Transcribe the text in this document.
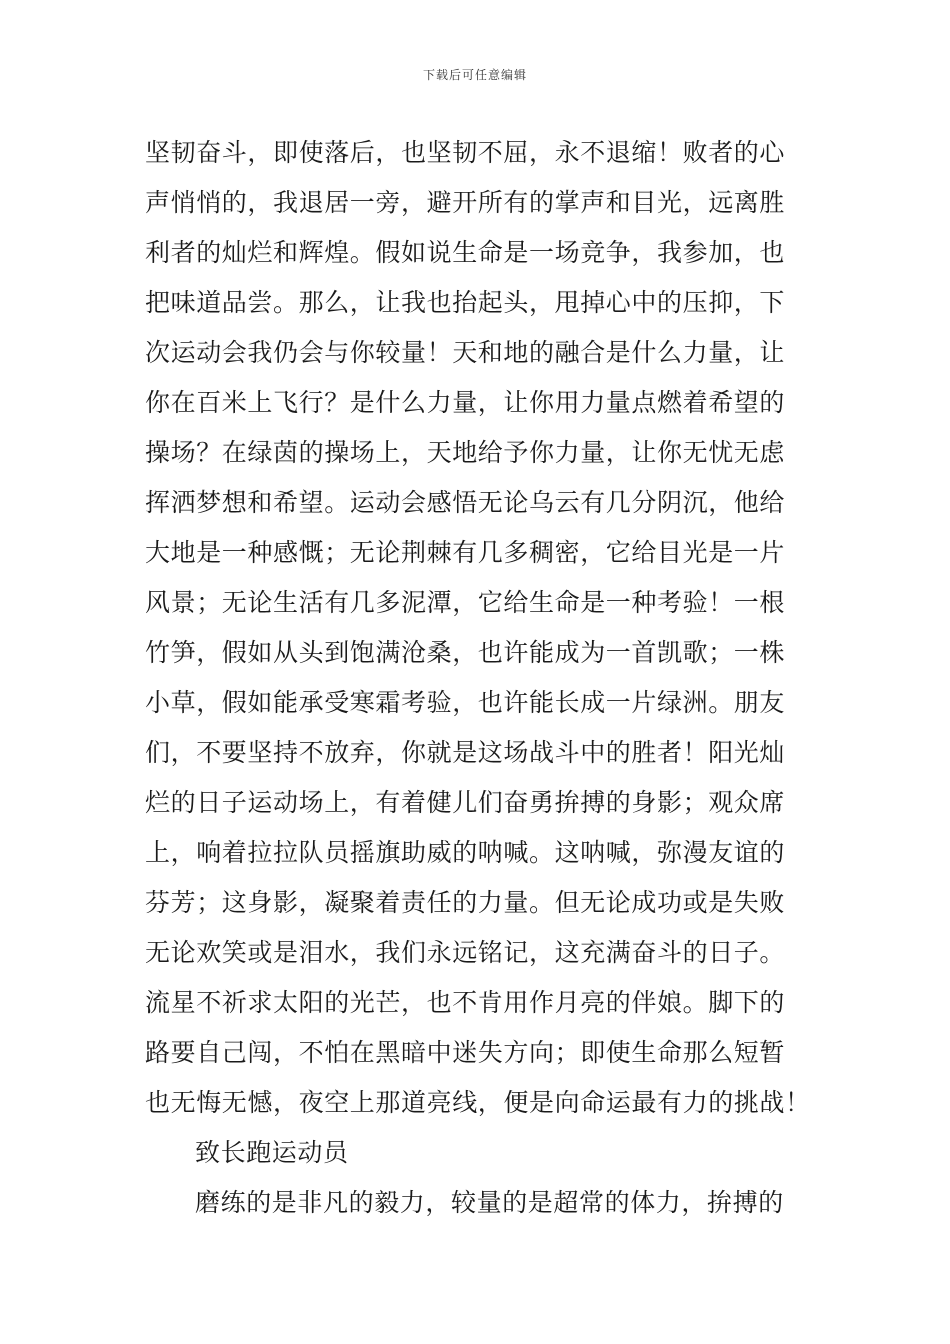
下载后可任意编辑
坚韧奋斗，即使落后，也坚韧不屈，永不退缩！败者的心
声悄悄的，我退居一旁，避开所有的掌声和目光，远离胜
利者的灿烂和辉煌。假如说生命是一场竞争，我参加，也
把味道品尝。那么，让我也抬起头，甩掉心中的压抑，下
次运动会我仍会与你较量！天和地的融合是什么力量，让
你在百米上飞行？是什么力量，让你用力量点燃着希望的
操场？在绿茵的操场上，天地给予你力量，让你无忧无虑
挥洒梦想和希望。运动会感悟无论乌云有几分阴沉，他给
大地是一种感慨；无论荆棘有几多稠密，它给目光是一片
风景；无论生活有几多泥潭，它给生命是一种考验！一根
竹笋，假如从头到饱满沧桑，也许能成为一首凯歌；一株
小草，假如能承受寒霜考验，也许能长成一片绿洲。朋友
们，不要坚持不放弃，你就是这场战斗中的胜者！阳光灿
烂的日子运动场上，有着健儿们奋勇拚搏的身影；观众席
上，响着拉拉队员摇旗助威的呐喊。这呐喊，弥漫友谊的
芬芳；这身影，凝聚着责任的力量。但无论成功或是失败
无论欢笑或是泪水，我们永远铭记，这充满奋斗的日子。
流星不祈求太阳的光芒，也不肯用作月亮的伴娘。脚下的
路要自己闯，不怕在黑暗中迷失方向；即使生命那么短暂
也无悔无憾，夜空上那道亮线，便是向命运最有力的挑战！
致长跑运动员
磨练的是非凡的毅力，较量的是超常的体力，拚搏的
